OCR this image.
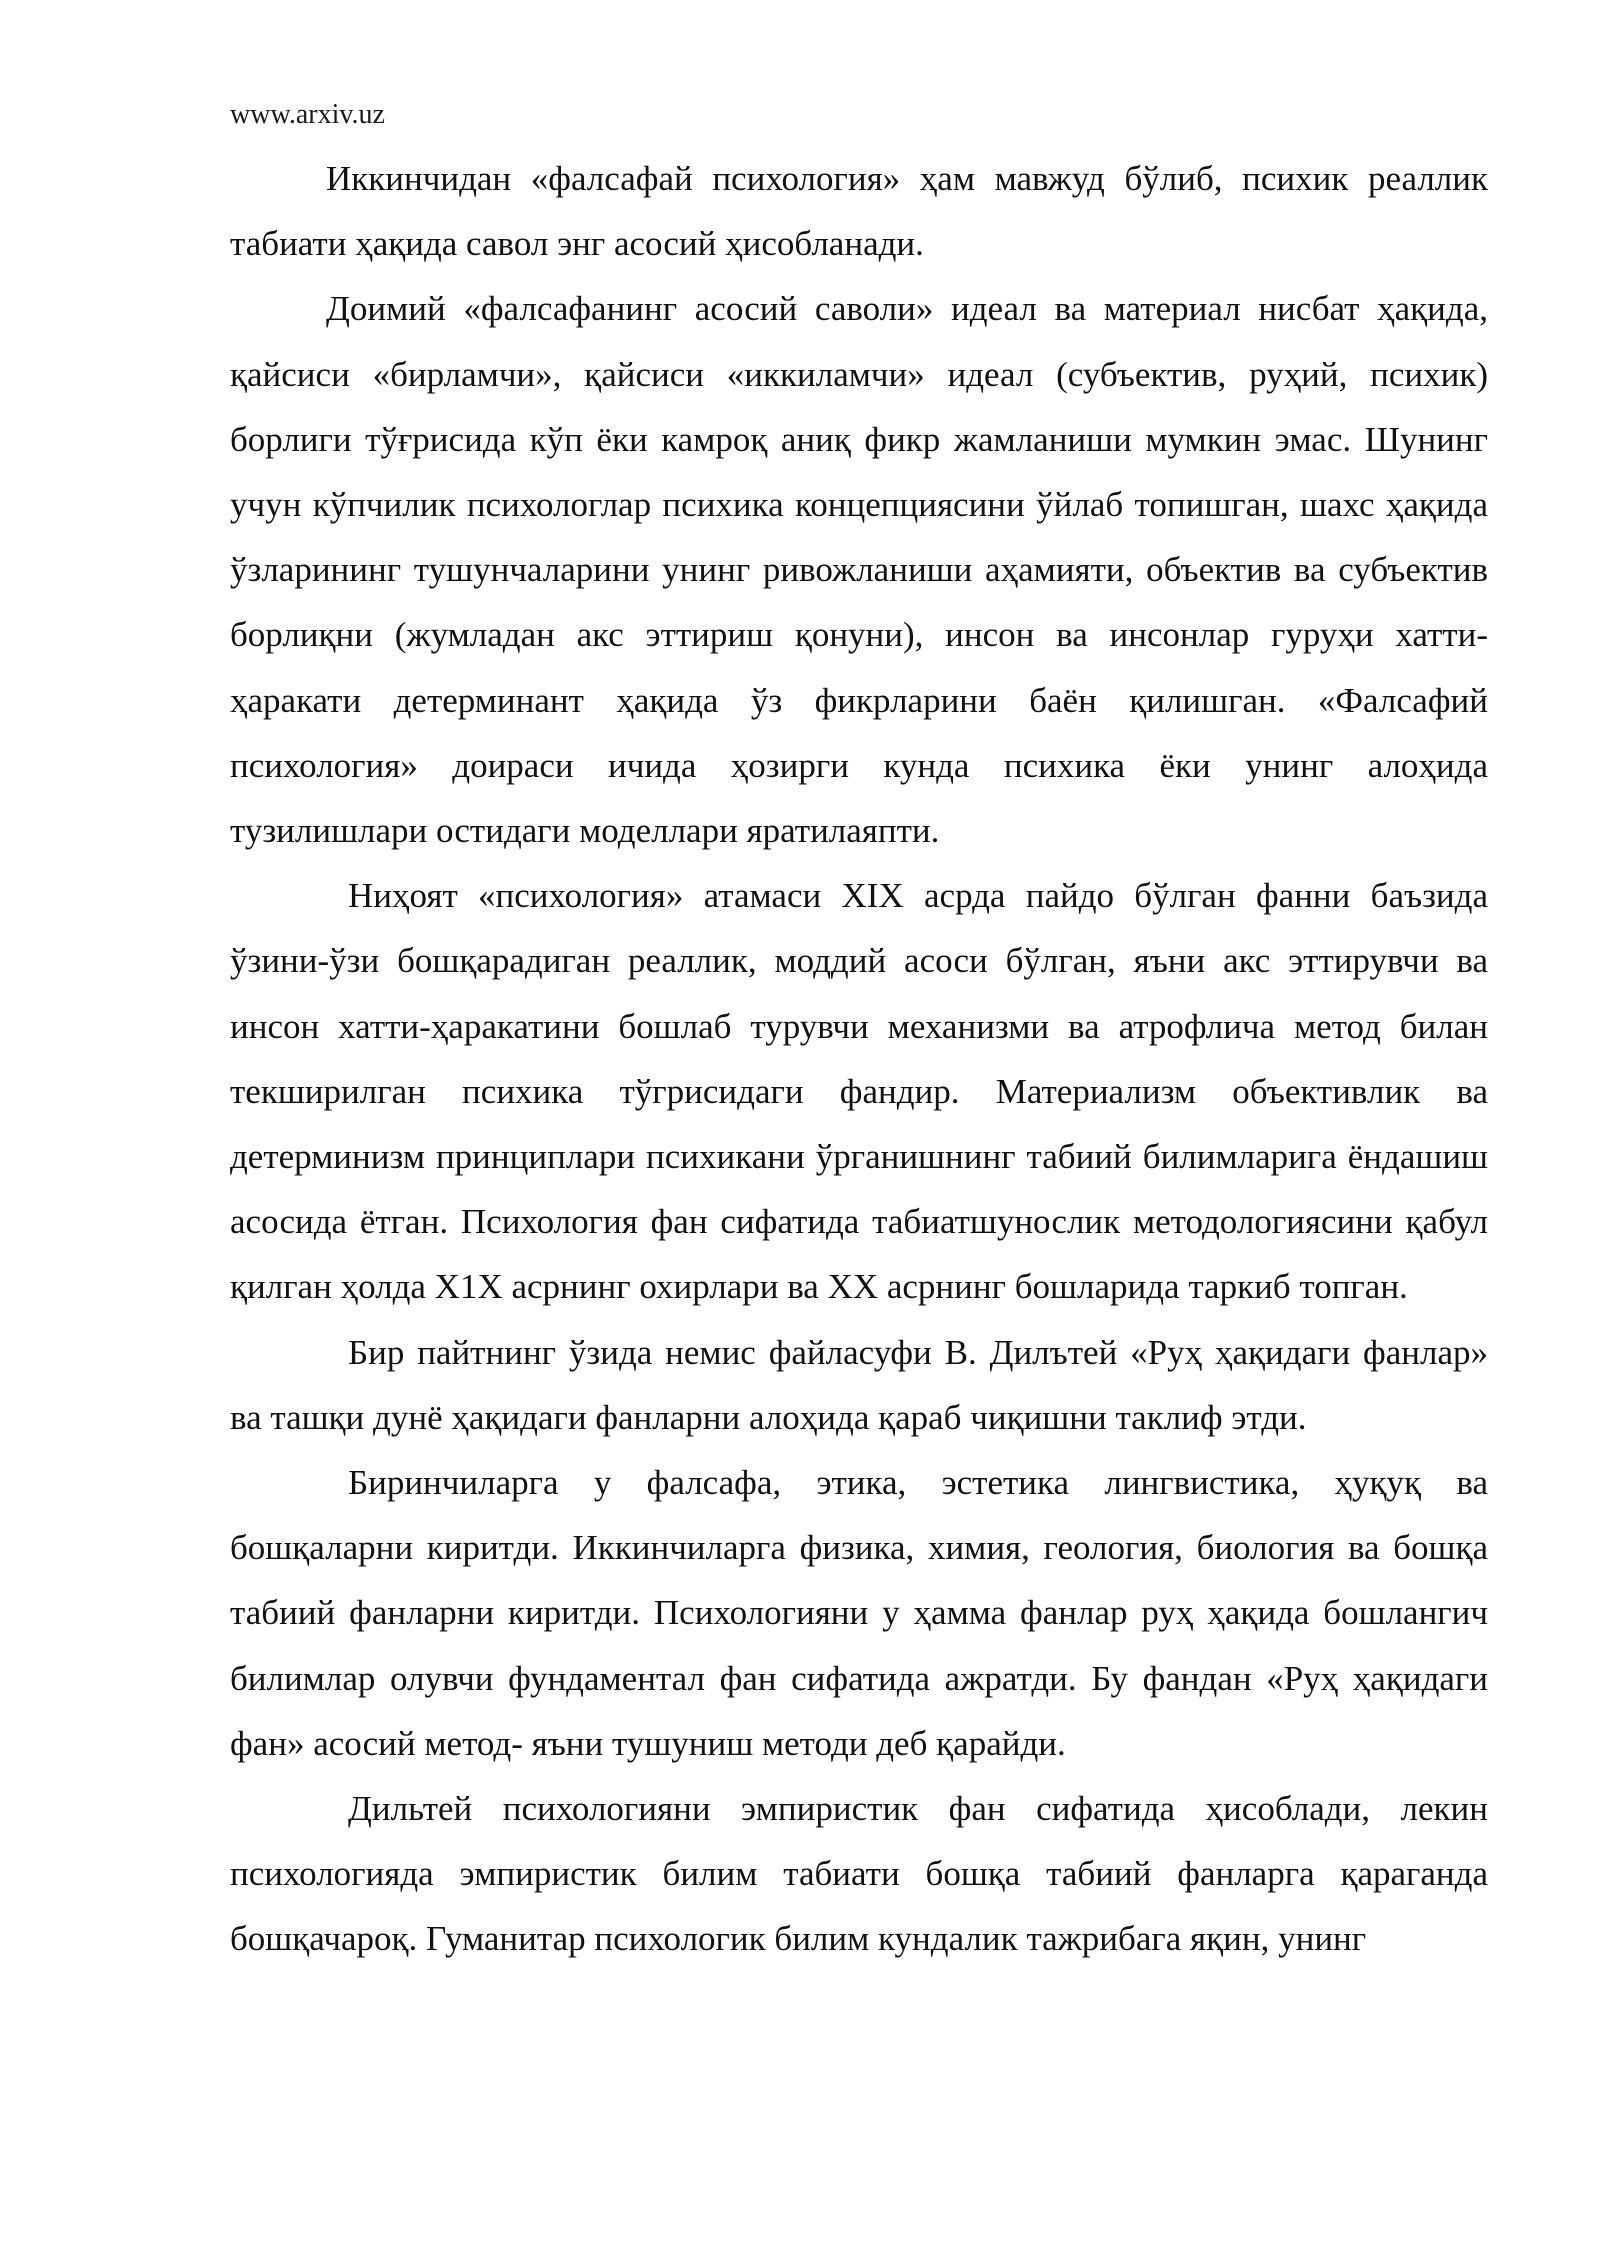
www.arxiv.uz

Иккинчидан «фалсафай психология» ҳам мавжуд бўлиб, психик реаллик табиати ҳақида савол энг асосий ҳисобланади.

Доимий «фалсафанинг асосий саволи» идеал ва материал нисбат ҳақида, қайсиси «бирламчи», қайсиси «иккиламчи» идеал (субъектив, руҳий, психик) борлиги тўғрисида кўп ёки камроқ аниқ фикр жамланиши мумкин эмас. Шунинг учун кўпчилик психологлар психика концепциясини ўйлаб топишган, шахс ҳақида ўзларининг тушунчаларини унинг ривожланиши аҳамияти, объектив ва субъектив борлиқни (жумладан акс эттириш қонуни), инсон ва инсонлар гуруҳи хатти-ҳаракати детерминант ҳақида ўз фикрларини баён қилишган. «Фалсафий психология» доираси ичида ҳозирги кунда психика ёки унинг алоҳида тузилишлари остидаги моделлари яратилаяпти.

Ниҳоят «психология» атамаси XIX асрда пайдо бўлган фанни баъзида ўзини-ўзи бошқарадиган реаллик, моддий асоси бўлган, яъни акс эттирувчи ва инсон хатти-ҳаракатини бошлаб турувчи механизми ва атрофлича метод билан текширилган психика тўгрисидаги фандир. Материализм объективлик ва детерминизм принциплари психикани ўрганишнинг табиий билимларига ёндашиш асосида ётган. Психология фан сифатида табиатшунослик методологиясини қабул қилган ҳолда X1X асрнинг охирлари ва XX асрнинг бошларида таркиб топган.

Бир пайтнинг ўзида немис файласуфи В. Дилътей «Руҳ ҳақидаги фанлар» ва ташқи дунё ҳақидаги фанларни алоҳида қараб чиқишни таклиф этди.

Биринчиларга у фалсафа, этика, эстетика лингвистика, ҳуқуқ ва бошқаларни киритди. Иккинчиларга физика, химия, геология, биология ва бошқа табиий фанларни киритди. Психологияни у ҳамма фанлар руҳ ҳақида бошлангич билимлар олувчи фундаментал фан сифатида ажратди. Бу фандан «Руҳ ҳақидаги фан» асосий метод- яъни тушуниш методи деб қарайди.

Дильтей психологияни эмпиристик фан сифатида ҳисоблади, лекин психологияда эмпиристик билим табиати бошқа табиий фанларга қараганда бошқачароқ. Гуманитар психологик билим кундалик тажрибага яқин, унинг
